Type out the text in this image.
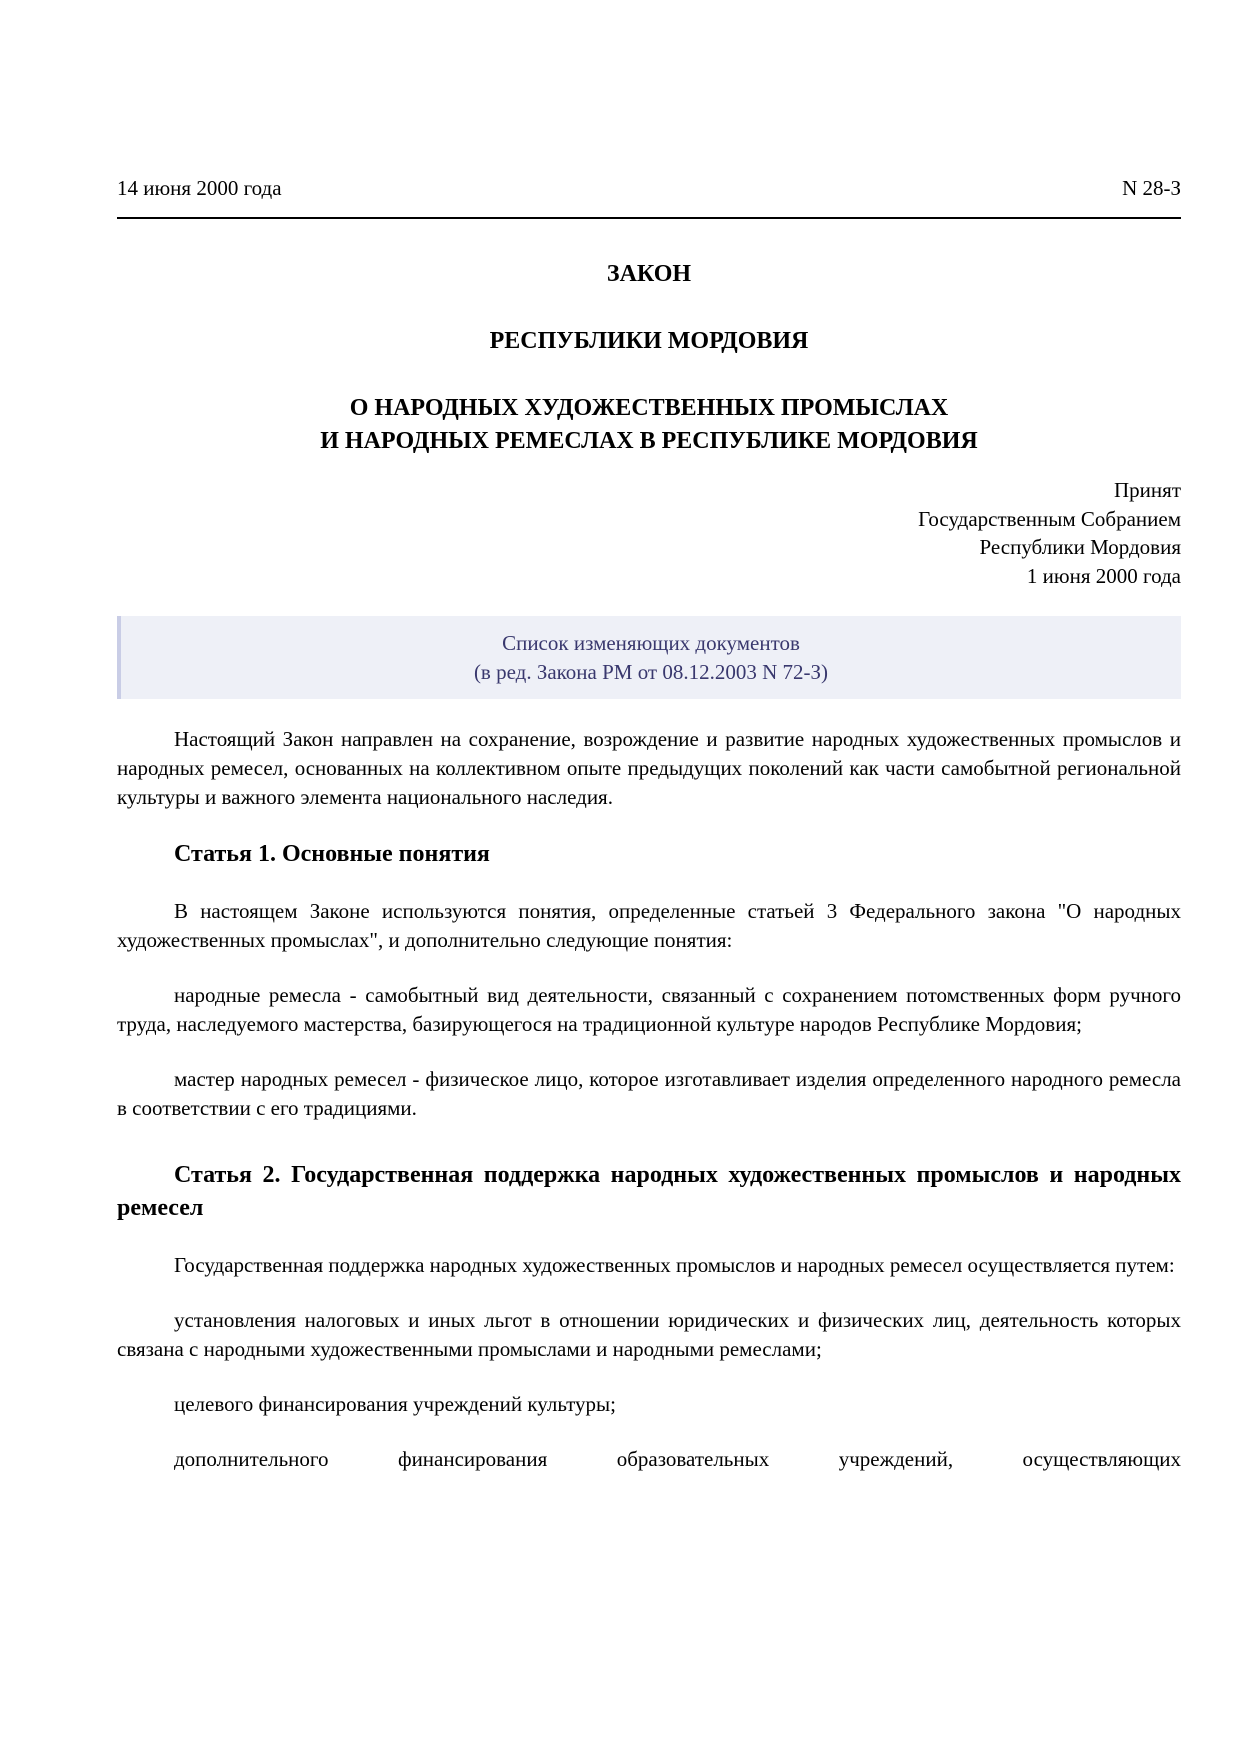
14 июня 2000 года	N 28-З
ЗАКОН
РЕСПУБЛИКИ МОРДОВИЯ
О НАРОДНЫХ ХУДОЖЕСТВЕННЫХ ПРОМЫСЛАХ
И НАРОДНЫХ РЕМЕСЛАХ В РЕСПУБЛИКЕ МОРДОВИЯ
Принят
Государственным Собранием
Республики Мордовия
1 июня 2000 года
Список изменяющих документов
(в ред. Закона РМ от 08.12.2003 N 72-З)

Настоящий Закон направлен на сохранение, возрождение и развитие народных художественных промыслов и народных ремесел, основанных на коллективном опыте предыдущих поколений как части самобытной региональной культуры и важного элемента национального наследия.

Статья 1. Основные понятия

В настоящем Законе используются понятия, определенные статьей 3 Федерального закона "О народных художественных промыслах", и дополнительно следующие понятия:

народные ремесла - самобытный вид деятельности, связанный с сохранением потомственных форм ручного труда, наследуемого мастерства, базирующегося на традиционной культуре народов Республике Мордовия;

мастер народных ремесел - физическое лицо, которое изготавливает изделия определенного народного ремесла в соответствии с его традициями.

Статья 2. Государственная поддержка народных художественных промыслов и народных ремесел

Государственная поддержка народных художественных промыслов и народных ремесел осуществляется путем:

установления налоговых и иных льгот в отношении юридических и физических лиц, деятельность которых связана с народными художественными промыслами и народными ремеслами;

целевого финансирования учреждений культуры;

дополнительного финансирования образовательных учреждений, осуществляющих
